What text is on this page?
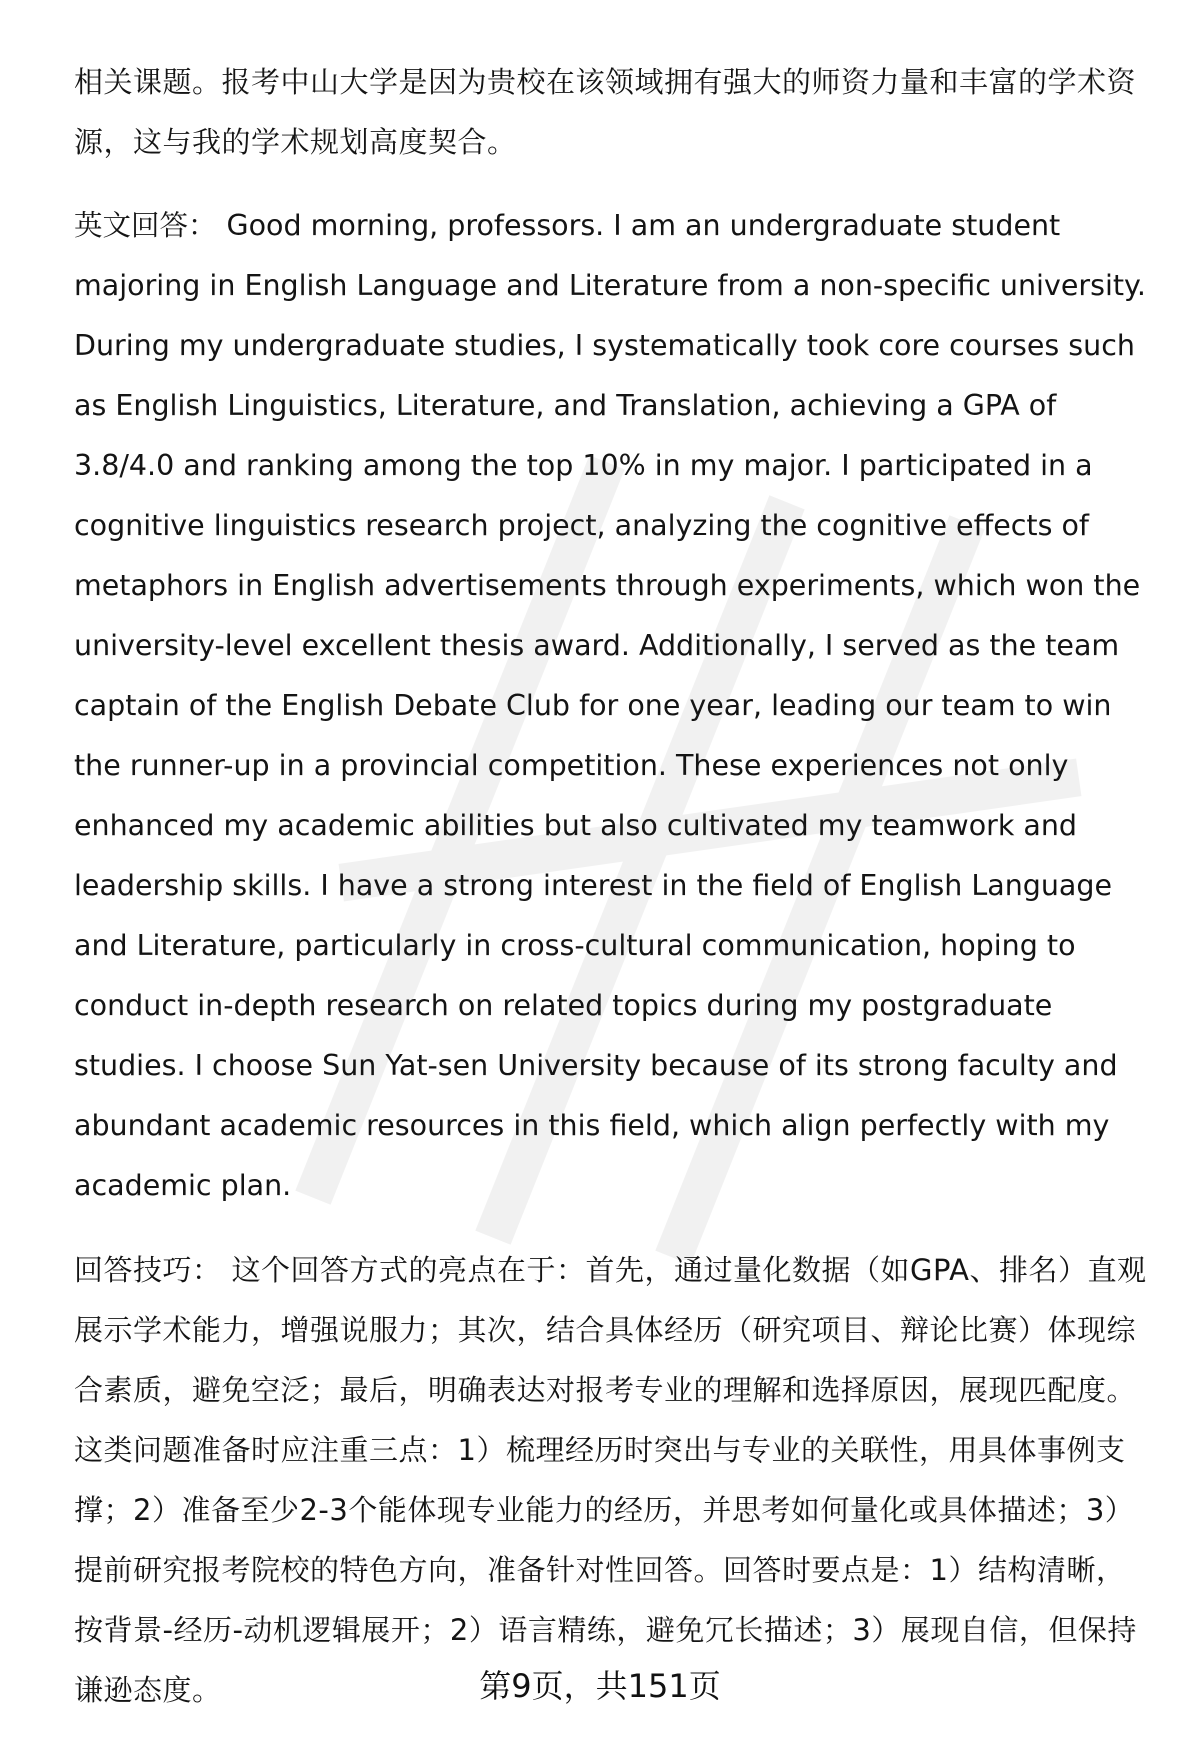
相关课题。报考中山大学是因为贵校在该领域拥有强大的师资力量和丰富的学术资源，这与我的学术规划高度契合。

英文回答： Good morning, professors. I am an undergraduate student majoring in English Language and Literature from a non-specific university. During my undergraduate studies, I systematically took core courses such as English Linguistics, Literature, and Translation, achieving a GPA of 3.8/4.0 and ranking among the top 10% in my major. I participated in a cognitive linguistics research project, analyzing the cognitive effects of metaphors in English advertisements through experiments, which won the university-level excellent thesis award. Additionally, I served as the team captain of the English Debate Club for one year, leading our team to win the runner-up in a provincial competition. These experiences not only enhanced my academic abilities but also cultivated my teamwork and leadership skills. I have a strong interest in the field of English Language and Literature, particularly in cross-cultural communication, hoping to conduct in-depth research on related topics during my postgraduate studies. I choose Sun Yat-sen University because of its strong faculty and abundant academic resources in this field, which align perfectly with my academic plan.

回答技巧： 这个回答方式的亮点在于：首先，通过量化数据（如GPA、排名）直观展示学术能力，增强说服力；其次，结合具体经历（研究项目、辩论比赛）体现综合素质，避免空泛；最后，明确表达对报考专业的理解和选择原因，展现匹配度。这类问题准备时应注重三点：1）梳理经历时突出与专业的关联性，用具体事例支撑；2）准备至少2-3个能体现专业能力的经历，并思考如何量化或具体描述；3）提前研究报考院校的特色方向，准备针对性回答。回答时要点是：1）结构清晰，按背景-经历-动机逻辑展开；2）语言精练，避免冗长描述；3）展现自信，但保持谦逊态度。	第9页，共151页
